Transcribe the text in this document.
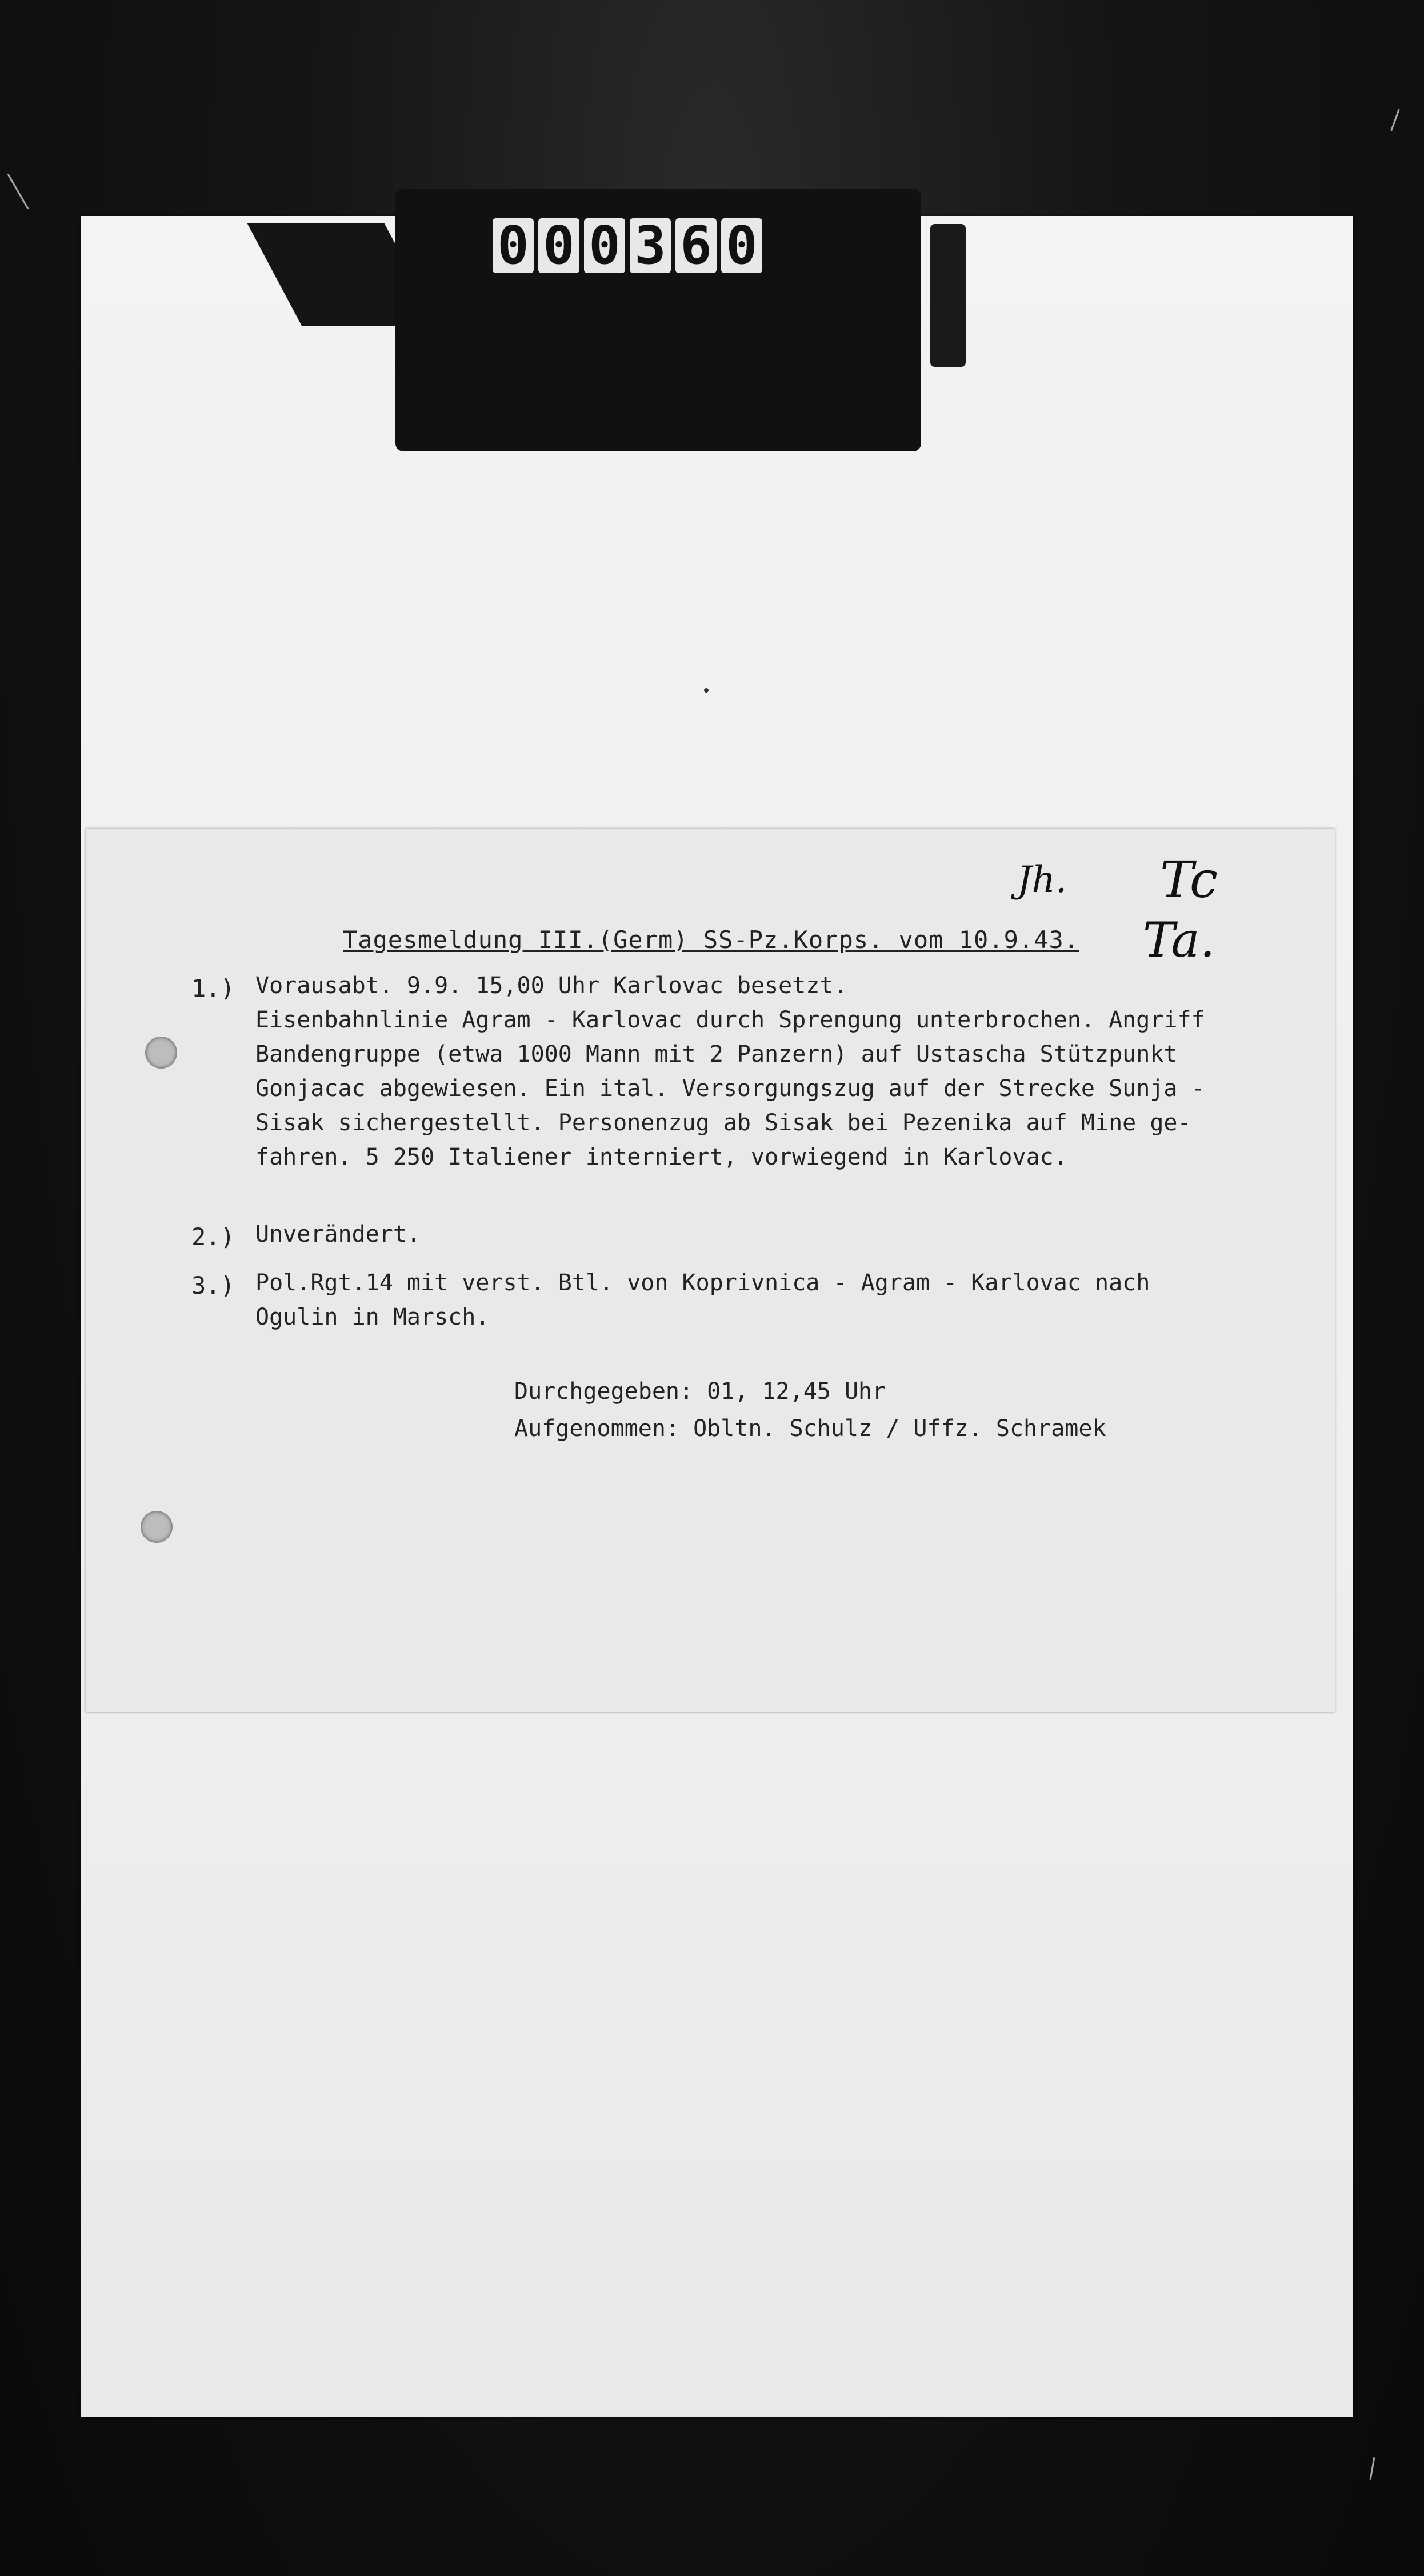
0 0 0 3 6 0
Jh. Tc
Ta.
Tagesmeldung III.(Germ) SS-Pz.Korps. vom 10.9.43.
1.) Vorausabt. 9.9. 15,00 Uhr Karlovac besetzt.
Eisenbahnlinie Agram - Karlovac durch Sprengung unterbrochen. Angriff
Bandengruppe (etwa 1000 Mann mit 2 Panzern) auf Ustascha Stützpunkt
Gonjacac abgewiesen. Ein ital. Versorgungszug auf der Strecke Sunja -
Sisak sichergestellt. Personenzug ab Sisak bei Pezenika auf Mine ge-
fahren. 5 250 Italiener interniert, vorwiegend in Karlovac.
2.) Unverändert.
3.) Pol.Rgt.14 mit verst. Btl. von Koprivnica - Agram - Karlovac nach
Ogulin in Marsch.
Durchgegeben: 01, 12,45 Uhr
Aufgenommen: Obltn. Schulz / Uffz. Schramek
